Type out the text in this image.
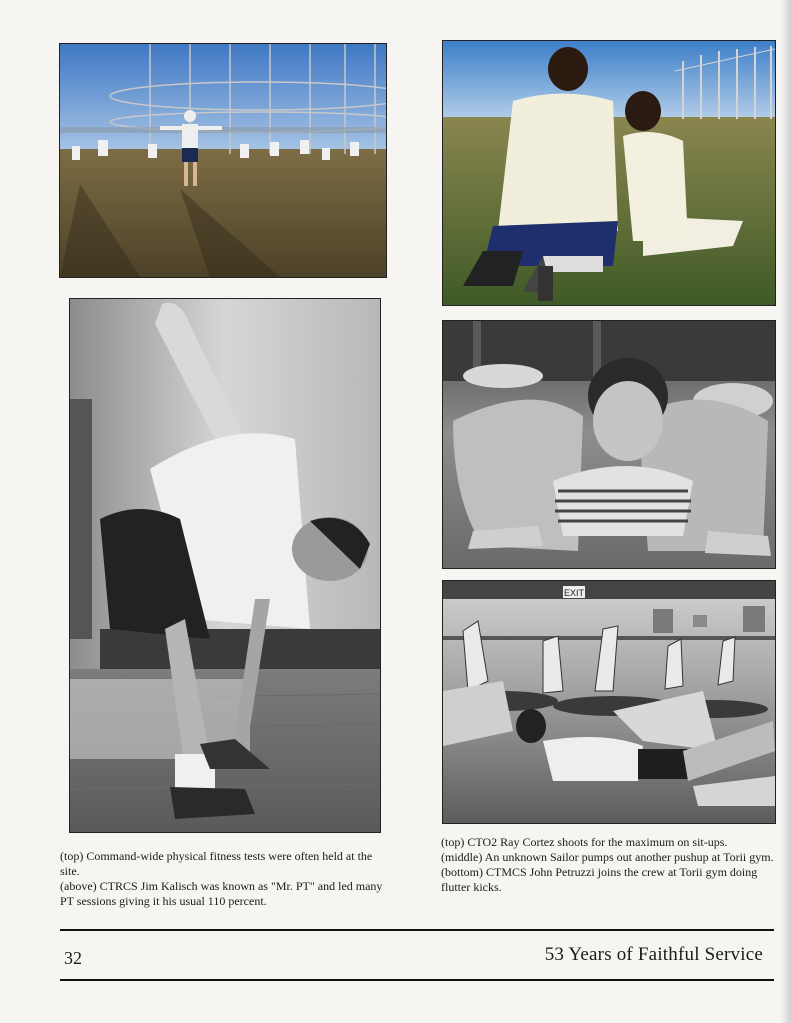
EXIT

(top) Command-wide physical fitness tests were often held at the site.

(above) CTRCS Jim Kalisch was known as "Mr. PT" and led many PT sessions giving it his usual 110 percent.

(top) CTO2 Ray Cortez shoots for the maximum on sit-ups.

(middle) An unknown Sailor pumps out another pushup at Torii gym.

(bottom) CTMCS John Petruzzi joins the crew at Torii gym doing flutter kicks.

32	53 Years of Faithful Service
